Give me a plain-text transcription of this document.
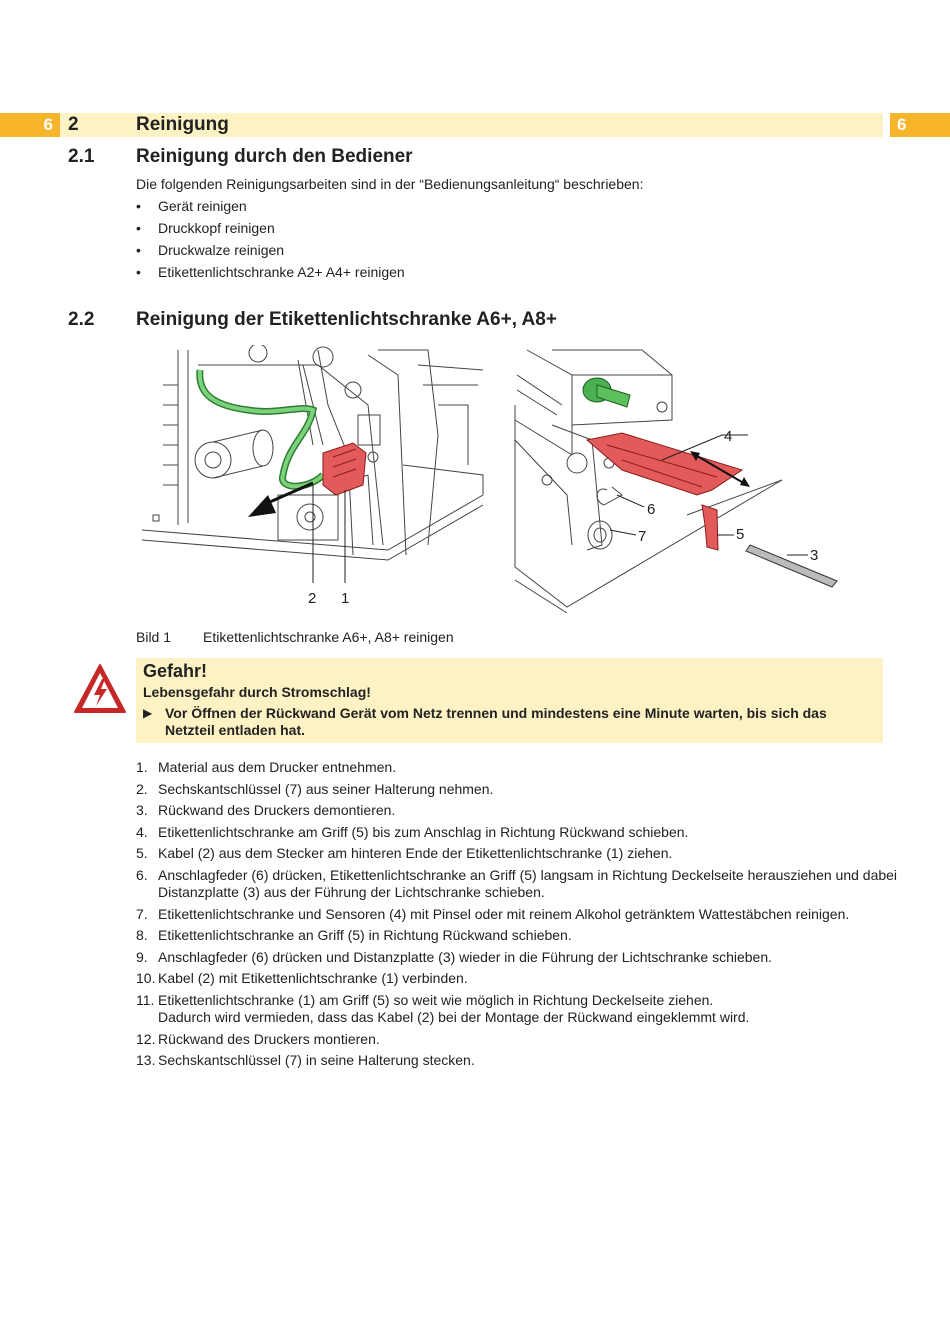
6	6
2	Reinigung
2.1 Reinigung durch den Bediener
Die folgenden Reinigungsarbeiten sind in der “Bedienungsanleitung“ beschrieben:
• Gerät reinigen
• Druckkopf reinigen
• Druckwalze reinigen
• Etikettenlichtschranke A2+ A4+ reinigen
2.2 Reinigung der Etikettenlichtschranke A6+, A8+
2 1
4
6
7	5
3
Bild 1 Etikettenlichtschranke A6+, A8+ reinigen
Gefahr!
Lebensgefahr durch Stromschlag!
▶ Vor Öffnen der Rückwand Gerät vom Netz trennen und mindestens eine Minute warten, bis sich das Netzteil entladen hat.
1. Material aus dem Drucker entnehmen.
2. Sechskantschlüssel (7) aus seiner Halterung nehmen.
3. Rückwand des Druckers demontieren.
4. Etikettenlichtschranke am Griff (5) bis zum Anschlag in Richtung Rückwand schieben.
5. Kabel (2) aus dem Stecker am hinteren Ende der Etikettenlichtschranke (1) ziehen.
6. Anschlagfeder (6) drücken, Etikettenlichtschranke an Griff (5) langsam in Richtung Deckelseite herausziehen und dabei Distanzplatte (3) aus der Führung der Lichtschranke schieben.
7. Etikettenlichtschranke und Sensoren (4) mit Pinsel oder mit reinem Alkohol getränktem Wattestäbchen reinigen.
8. Etikettenlichtschranke an Griff (5) in Richtung Rückwand schieben.
9. Anschlagfeder (6) drücken und Distanzplatte (3) wieder in die Führung der Lichtschranke schieben.
10. Kabel (2) mit Etikettenlichtschranke (1) verbinden.
11. Etikettenlichtschranke (1) am Griff (5) so weit wie möglich in Richtung Deckelseite ziehen.
Dadurch wird vermieden, dass das Kabel (2) bei der Montage der Rückwand eingeklemmt wird.
12. Rückwand des Druckers montieren.
13. Sechskantschlüssel (7) in seine Halterung stecken.
